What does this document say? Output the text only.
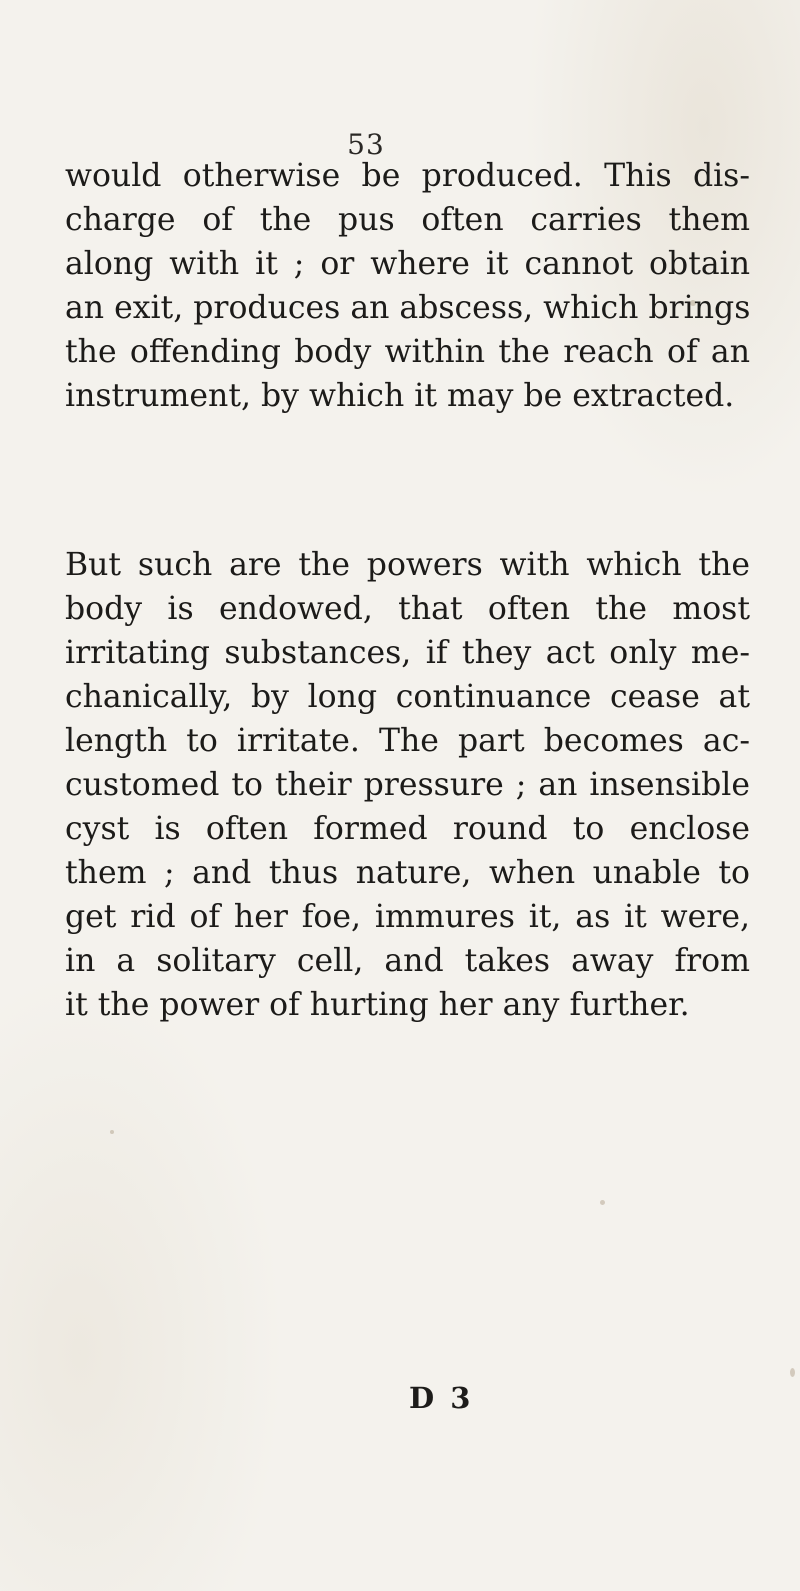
53
would otherwise be produced. This dis-
charge of the pus often carries them
along with it ; or where it cannot obtain
an exit, produces an abscess, which brings
the offending body within the reach of an
instrument, by which it may be extracted.
But such are the powers with which the
body is endowed, that often the most
irritating substances, if they act only me-
chanically, by long continuance cease at
length to irritate. The part becomes ac-
customed to their pressure ; an insensible
cyst is often formed round to enclose
them ; and thus nature, when unable to
get rid of her foe, immures it, as it were,
in a solitary cell, and takes away from
it the power of hurting her any further.
D 3
